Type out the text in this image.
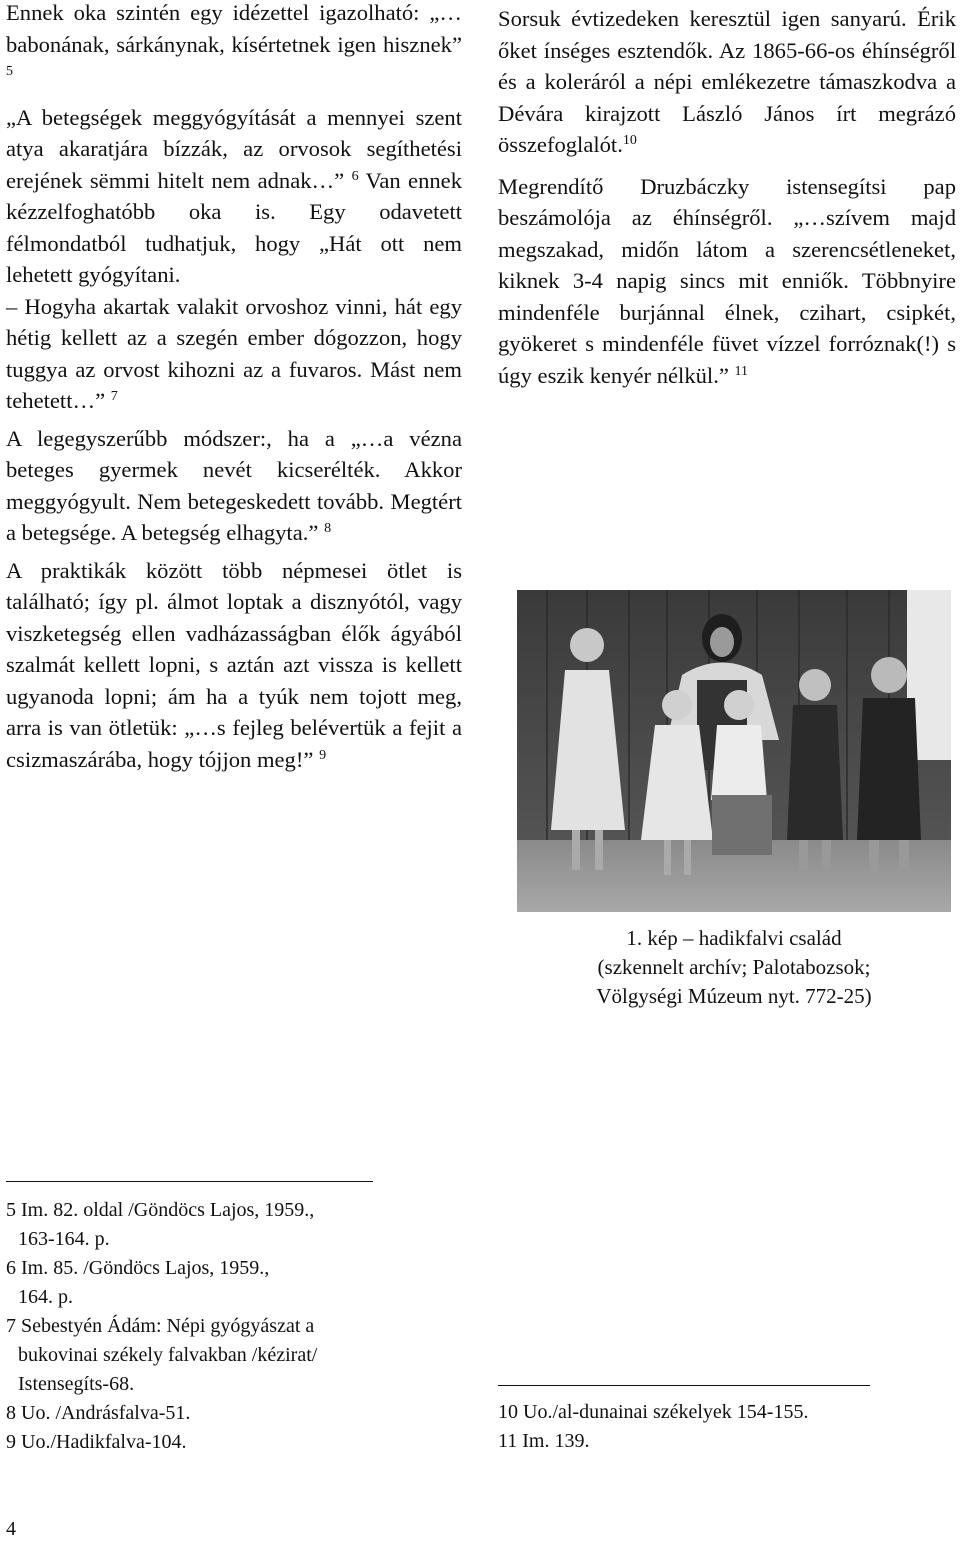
Ennek oka szintén egy idézettel igazolható: „…babonának, sárkánynak, kísértetnek igen hisznek” $^5$

„A betegségek meggyógyítását a mennyei szent atya akaratjára bízzák, az orvosok segíthetési erejének sëmmi hitelt nem adnak…” $^6$ Van ennek kézzelfoghatóbb oka is. Egy odavetett félmondatból tudhatjuk, hogy „Hát ott nem lehetett gyógyítani.

– Hogyha akartak valakit orvoshoz vinni, hát egy hétig kellett az a szegén ember dógozzon, hogy tuggya az orvost kihozni az a fuvaros. Mást nem tehetett…” $^7$

A legegyszerűbb módszer:, ha a „…a vézna beteges gyermek nevét kicserélték. Akkor meggyógyult. Nem betegeskedett tovább. Megtért a betegsége. A betegség elhagyta.” $^8$

A praktikák között több népmesei ötlet is található; így pl. álmot loptak a disznyótól, vagy viszketegség ellen vadházasságban élők ágyából szalmát kellett lopni, s aztán azt vissza is kellett ugyanoda lopni; ám ha a tyúk nem tojott meg, arra is van ötletük: „…s fejleg belévertük a fejit a csizmaszárába, hogy tójjon meg!” $^9$

Sorsuk évtizedeken keresztül igen sanyarú. Érik őket ínséges esztendők. Az 1865-66-os éhínségről és a koleráról a népi emlékezetre támaszkodva a Dévára kirajzott László János írt megrázó összefoglalót.$^{10}$

Megrendítő Druzbáczky istensegítsi pap beszámolója az éhínségről. „…szívem majd megszakad, midőn látom a szerencsétleneket, kiknek 3-4 napig sincs mit enniők. Többnyire mindenféle burjánnal élnek, czihart, csipkét, gyökeret s mindenféle füvet vízzel forróznak(!) s úgy eszik kenyér nélkül.” $^{11}$

1. kép – hadikfalvi család

(szkennelt archív; Palotabozsok;

Völgységi Múzeum nyt. 772-25)

5 Im. 82. oldal /Göndöcs Lajos, 1959.,

163-164. p.

6 Im. 85. /Göndöcs Lajos, 1959.,

164. p.

7 Sebestyén Ádám: Népi gyógyászat a

bukovinai székely falvakban /kézirat/

Istensegíts-68.

8 Uo. /Andrásfalva-51.

9 Uo./Hadikfalva-104.

10 Uo./al-dunainai székelyek 154-155.

11 Im. 139.

4
